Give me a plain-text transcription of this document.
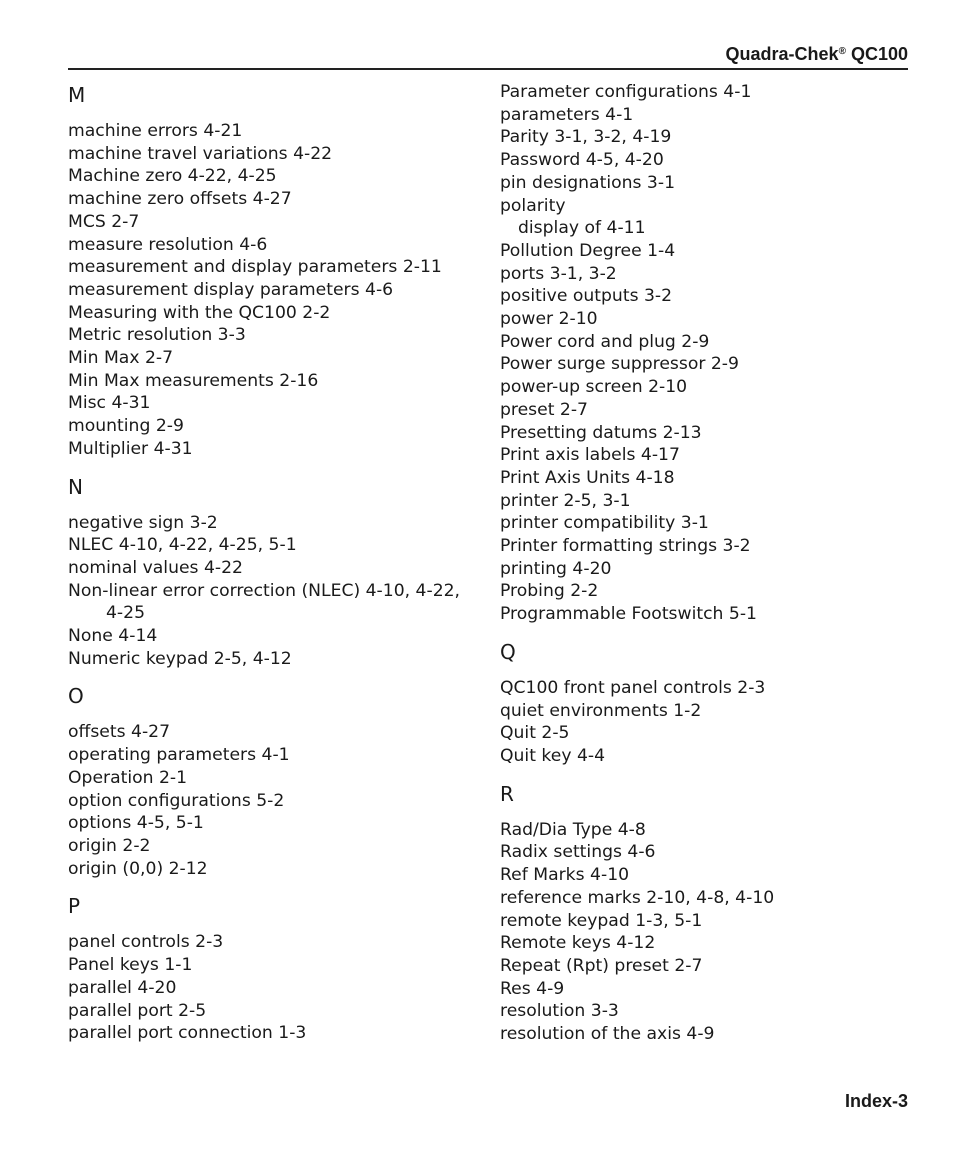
Quadra-Chek® QC100
M
machine errors 4-21
machine travel variations 4-22
Machine zero 4-22, 4-25
machine zero offsets 4-27
MCS 2-7
measure resolution 4-6
measurement and display parameters 2-11
measurement display parameters 4-6
Measuring with the QC100 2-2
Metric resolution 3-3
Min Max 2-7
Min Max measurements 2-16
Misc 4-31
mounting 2-9
Multiplier 4-31
N
negative sign 3-2
NLEC 4-10, 4-22, 4-25, 5-1
nominal values 4-22
Non-linear error correction (NLEC) 4-10, 4-22, 4-25
None 4-14
Numeric keypad 2-5, 4-12
O
offsets 4-27
operating parameters 4-1
Operation 2-1
option configurations 5-2
options 4-5, 5-1
origin 2-2
origin (0,0) 2-12
P
panel controls 2-3
Panel keys 1-1
parallel 4-20
parallel port 2-5
parallel port connection 1-3
Parameter configurations 4-1
parameters 4-1
Parity 3-1, 3-2, 4-19
Password 4-5, 4-20
pin designations 3-1
polarity
display of 4-11
Pollution Degree 1-4
ports 3-1, 3-2
positive outputs 3-2
power 2-10
Power cord and plug 2-9
Power surge suppressor 2-9
power-up screen 2-10
preset 2-7
Presetting datums 2-13
Print axis labels 4-17
Print Axis Units 4-18
printer 2-5, 3-1
printer compatibility 3-1
Printer formatting strings 3-2
printing 4-20
Probing 2-2
Programmable Footswitch 5-1
Q
QC100 front panel controls 2-3
quiet environments 1-2
Quit 2-5
Quit key 4-4
R
Rad/Dia Type 4-8
Radix settings 4-6
Ref Marks 4-10
reference marks 2-10, 4-8, 4-10
remote keypad 1-3, 5-1
Remote keys 4-12
Repeat (Rpt) preset 2-7
Res 4-9
resolution 3-3
resolution of the axis 4-9
Index-3
